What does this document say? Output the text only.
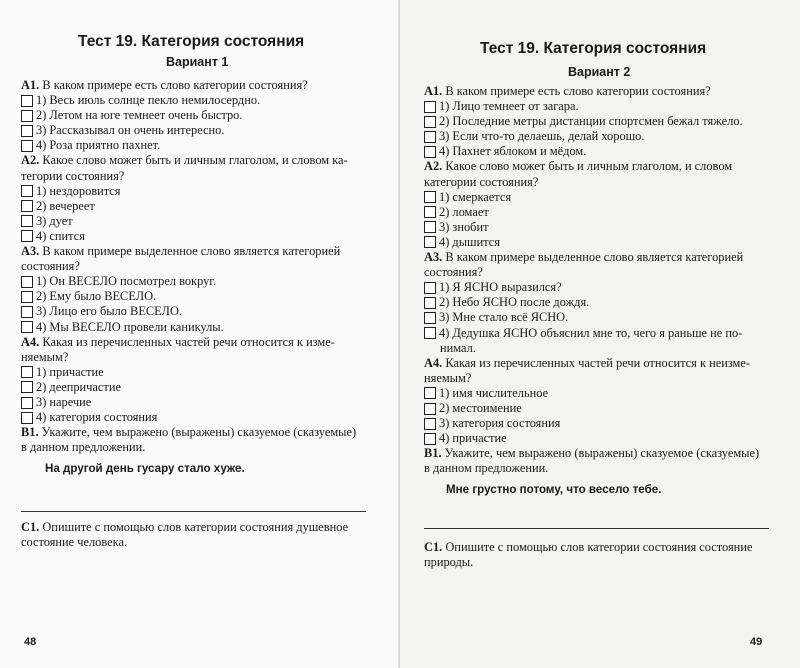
Тест 19. Категория состояния
Вариант 1
А1. В каком примере есть слово категории состояния?
1) Весь июль солнце пекло немилосердно.
2) Летом на юге темнеет очень быстро.
3) Рассказывал он очень интересно.
4) Роза приятно пахнет.
А2. Какое слово может быть и личным глаголом, и словом ка-
тегории состояния?
1) нездоровится
2) вечереет
3) дует
4) спится
А3. В каком примере выделенное слово является категорией
состояния?
1) Он ВЕСЕЛО посмотрел вокруг.
2) Ему было ВЕСЕЛО.
3) Лицо его было ВЕСЕЛО.
4) Мы ВЕСЕЛО провели каникулы.
А4. Какая из перечисленных частей речи относится к изме-
няемым?
1) причастие
2) деепричастие
3) наречие
4) категория состояния
В1. Укажите, чем выражено (выражены) сказуемое (сказуемые)
в данном предложении.
На другой день гусару стало хуже.
С1. Опишите с помощью слов категории состояния душевное
состояние человека.
48
Тест 19. Категория состояния
Вариант 2
А1. В каком примере есть слово категории состояния?
1) Лицо темнеет от загара.
2) Последние метры дистанции спортсмен бежал тяжело.
3) Если что-то делаешь, делай хорошо.
4) Пахнет яблоком и мёдом.
А2. Какое слово может быть и личным глаголом, и словом
категории состояния?
1) смеркается
2) ломает
3) знобит
4) дышится
А3. В каком примере выделенное слово является категорией
состояния?
1) Я ЯСНО выразился?
2) Небо ЯСНО после дождя.
3) Мне стало всё ЯСНО.
4) Дедушка ЯСНО объяснил мне то, чего я раньше не по-
нимал.
А4. Какая из перечисленных частей речи относится к неизме-
няемым?
1) имя числительное
2) местоимение
3) категория состояния
4) причастие
В1. Укажите, чем выражено (выражены) сказуемое (сказуемые)
в данном предложении.
Мне грустно потому, что весело тебе.
С1. Опишите с помощью слов категории состояния состояние
природы.
49
